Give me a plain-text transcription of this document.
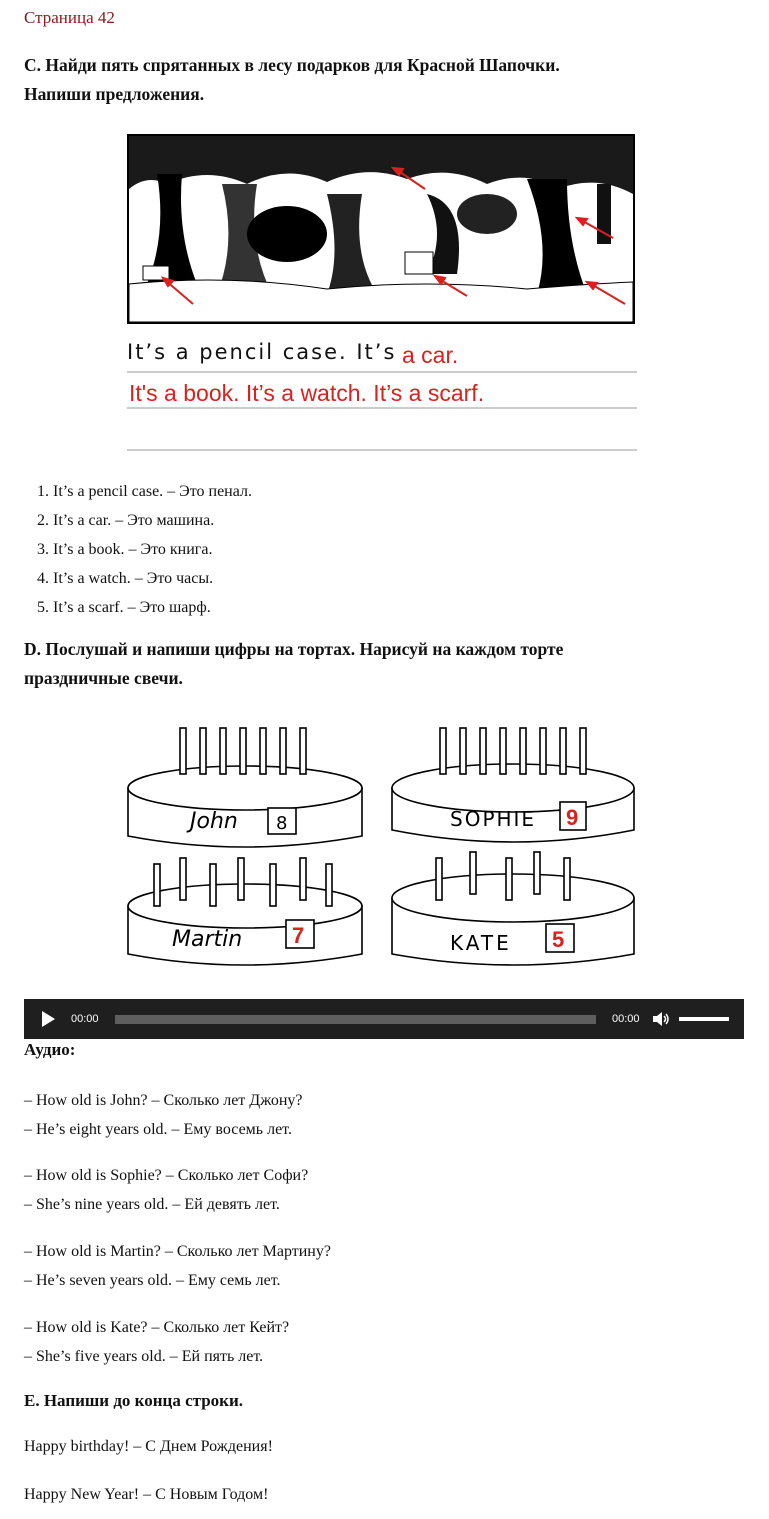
Страница 42

C. Найди пять спрятанных в лесу подарков для Красной Шапочки.
Напиши предложения.

It’s a pencil case. It’s a car.
It's a book. It’s a watch. It’s a scarf.
1. It’s a pencil case. – Это пенал.
2. It’s a car. – Это машина.
3. It’s a book. – Это книга.
4. It’s a watch. – Это часы.
5. It’s a scarf. – Это шарф.

D. Послушай и напиши цифры на тортах. Нарисуй на каждом торте
праздничные свечи.

John	SOPHIE
Martin	KATE
8	9
7	5
00:00	00:00
Аудио:
– How old is John? – Сколько лет Джону?
– He’s eight years old. – Ему восемь лет.
– How old is Sophie? – Сколько лет Софи?
– She’s nine years old. – Ей девять лет.
– How old is Martin? – Сколько лет Мартину?
– He’s seven years old. – Ему семь лет.
– How old is Kate? – Сколько лет Кейт?
– She’s five years old. – Ей пять лет.
E. Напиши до конца строки.
Happy birthday! – С Днем Рождения!
Happy New Year! – С Новым Годом!
